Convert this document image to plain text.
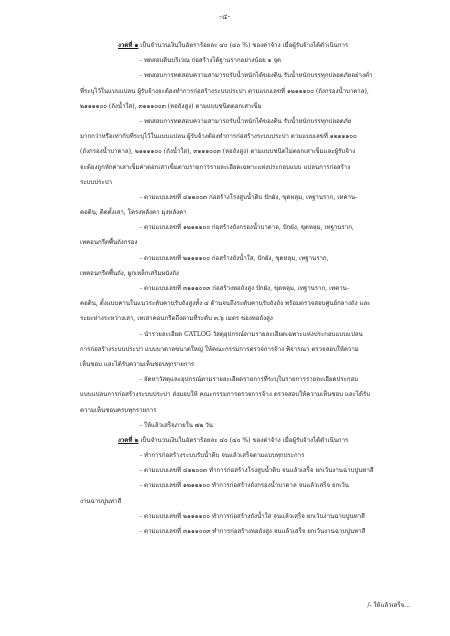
-๔-
งวดที่ ๑ เป็นจำนวนเงินในอัตราร้อยละ ๔๐ (๔๐ %) ของค่าจ้าง เมื่อผู้รับจ้างได้ดำเนินการ
- ทดสอบดินบริเวณ ก่อสร้างได้ฐานรากอย่างน้อย ๑ จุด
- ทดสอบการทดสอบความสามารถรับน้ำหนักได้ของดิน รับน้ำหนักบรรทุกปลอดภัยอย่างต่ำ
ที่ระบุไว้ในแบบแปลน ผู้รับจ้างจะต้องทำการก่อสร้างระบบประปา ตามแบบเลขที่ ๑๒๑๑๑๐๐ (ถังกรองน้ำบาดาล),
๒๑๑๑๑๐๐ (ถังน้ำใส), ๓๑๑๑๐๐๓ (หอถังสูง) ตามแบบชนิดตอกเสาเข็ม
- ทดสอบการทดสอบความสามารถรับน้ำหนักได้ของดิน รับน้ำหนักบรรทุกปลอดภัย
มากกว่าหรือเท่ากับที่ระบุไว้ในแบบแปลน ผู้รับจ้างต้องทำการก่อสร้างระบบประปา ตามแบบเลขที่ ๑๒๑๑๑๐๐
(ถังกรองน้ำบาดาล), ๒๑๑๑๑๐๐ (ถังน้ำใส), ๓๑๑๑๐๐๓ (หอถังสูง) ตามแบบชนิดไม่ตอกเสาเข็มและผู้รับจ้าง
จะต้องถูกหักค่าเสาเข็มค่าตอกเสาเข็มตามรายการรายละเอียดเฉพาะแห่งประกอบแบบ แปลนการก่อสร้าง
ระบบประปา
- ตามแบบเลขที่ ๔๑๒๐๐๓ ก่อสร้างโรงสูบน้ำดิบ ปักผัง, ขุดหลุม, เทฐานราก, เทคาน-
คอดิน, ติดตั้งเสา, โครงหลังคา มุงหลังคา
- ตามแบบเลขที่ ๑๒๑๑๑๐๐ ก่อสร้างถังกรองน้ำบาดาล, ปักผัง, ขุดหลุม, เทฐานราก,
เทคอนกรีตพื้นถังกรอง
- ตามแบบเลขที่ ๒๑๑๑๑๐๐ ก่อสร้างถังน้ำใส, ปักผัง, ขุดหลุม, เทฐานราก,
เทคอนกรีตพื้นถัง, ผูกเหล็กเสริมผนังถัง
- ตามแบบเลขที่ ๓๑๑๑๐๐๓ ก่อสร้างหอถังสูง ปักผัง, ขุดหลุม, เทฐานราก, เทคาน-
คอดิน, ตั้งแบบคานในแนวระดับคานรับถังสูงทั้ง ๔ ด้านจนถึงระดับคานรับถังถัง พร้อมตรวจสอบศูนย์กลางถัง และ
ระยะห่างระหว่างเสา, เทเสาคอนกรีตถึงตามที่ระดับ ๓.๖ เมตร ของหอถังสูง
- นำรายละเอียด CATLOG วัสดุอุปกรณ์ตามรายละเอียดเฉพาะแห่งประกอบแบบแปลน
การก่อสร้างระบบประปา แบบบาดาลขนาดใหญ่ ให้คณะกรรมการตรวจการจ้าง พิจารณา ตรวจสอบให้ความ
เห็นชอบ และได้รับความเห็นชอบทุกรายการ
- จัดหาวัสดุและอุปกรณ์ตามรายละเอียดรายการที่ระบุในรายการรายละเอียดประกอบ
แบบแปลนการก่อสร้างระบบประปา ส่งมอบให้ คณะกรรมการตรวจการจ้าง ตรวจสอบให้ความเห็นชอบ และได้รับ
ความเห็นชอบครบทุกรายการ
- ให้แล้วเสร็จภายใน ๗๒ วัน
งวดที่ ๒ เป็นจำนวนเงินในอัตราร้อยละ ๔๐ (๔๐ %) ของค่าจ้าง เมื่อผู้รับจ้างได้ดำเนินการ
- ทำการก่อสร้างระบบรับน้ำดิบ จนแล้วเสร็จตามแบบทุกประการ
- ตามแบบเลขที่ ๔๑๒๐๐๓ ทำการก่อสร้างโรงสูบน้ำดิบ จนแล้วเสร็จ ยกเว้นงานฉาบปูนทาสี
- ตามแบบเลขที่ ๑๒๑๑๑๐๐ ทำการก่อสร้างถังกรองน้ำบาดาล จนแล้วเสร็จ ยกเว้น
งานฉาบปูนทาสี
- ตามแบบเลขที่ ๒๑๑๑๑๐๐ ทำการก่อสร้างถังน้ำใส จนแล้วเสร็จ ยกเว้นงานฉาบปูนทาสี
- ตามแบบเลขที่ ๓๑๑๑๐๐๓ ทำการก่อสร้างหอถังสูง จนแล้วเสร็จ ยกเว้นงานฉาบปูนทาสี
/- ให้แล้วเสร็จ...
